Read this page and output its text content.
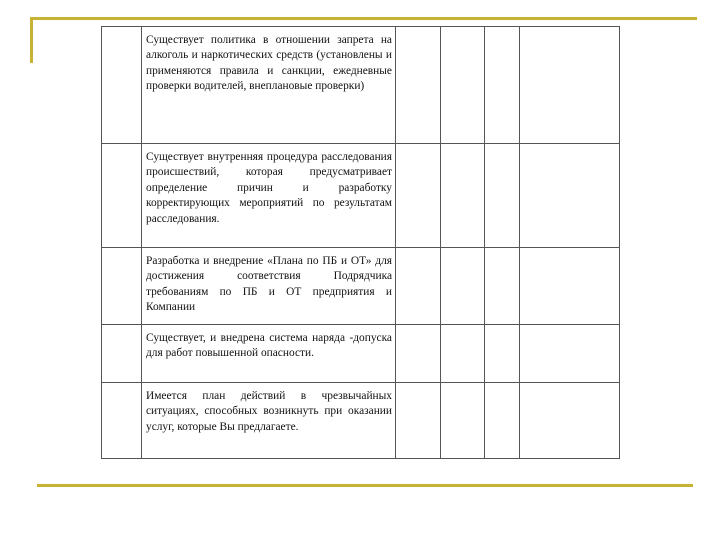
	Существует политика в отношении запрета на алкоголь и наркотических средств (установлены и применяются правила и санкции, ежедневные проверки водителей, внеплановые проверки)				
	Существует внутренняя процедура расследования происшествий, которая предусматривает определение причин и разработку корректирующих мероприятий по результатам расследования.				
	Разработка и внедрение «Плана по ПБ и ОТ» для достижения соответствия Подрядчика требованиям по ПБ и ОТ предприятия и Компании				
	Существует, и внедрена система наряда -допуска для работ повышенной опасности.				
	Имеется план действий в чрезвычайных ситуациях, способных возникнуть при оказании услуг, которые Вы предлагаете.				
